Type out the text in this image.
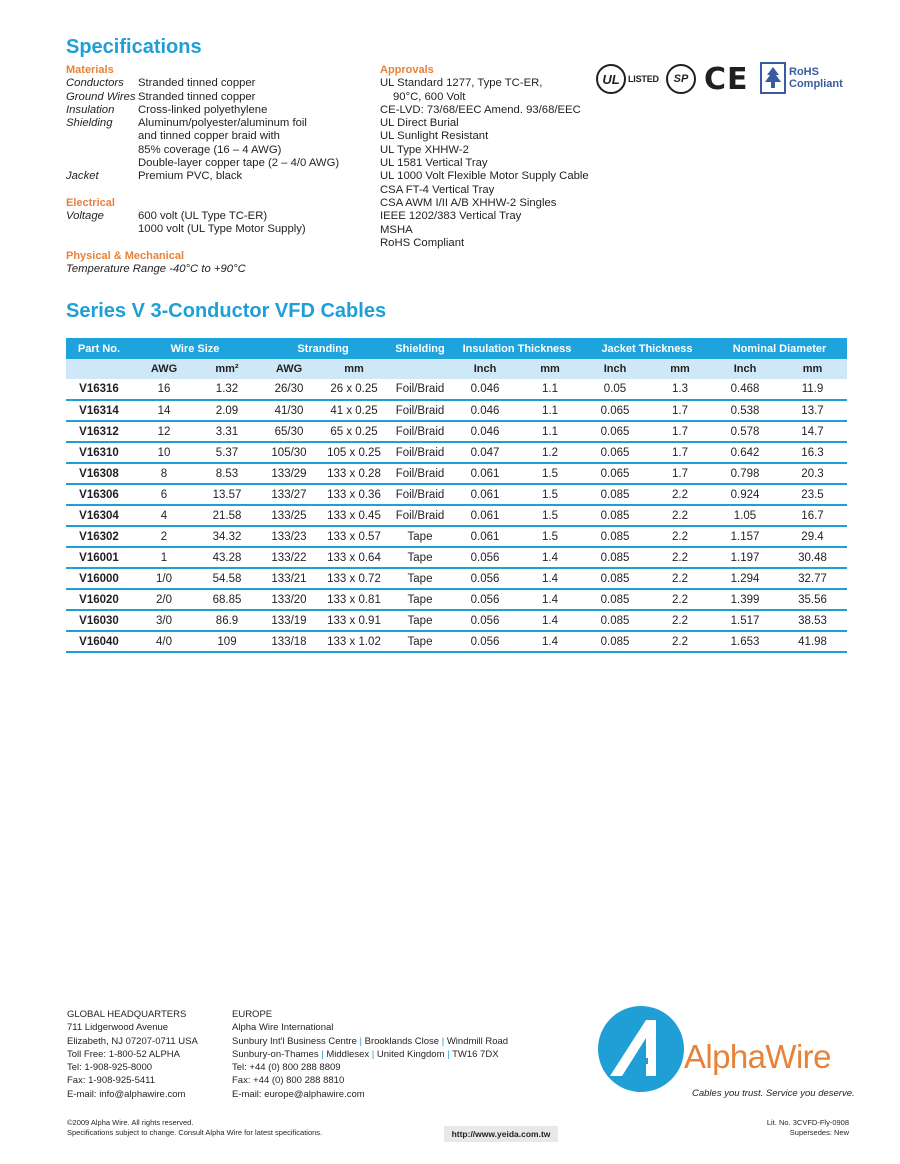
Specifications
Materials
Conductors	Stranded tinned copper
Ground Wires Stranded tinned copper
Insulation	Cross-linked polyethylene
Shielding	Aluminum/polyester/aluminum foil
and tinned copper braid with
85% coverage (16 – 4 AWG)
Double-layer copper tape (2 – 4/0 AWG)
Jacket	Premium PVC, black
Electrical
Voltage	600 volt (UL Type TC-ER)
1000 volt (UL Type Motor Supply)
Physical & Mechanical
Temperature Range -40°C to +90°C
Approvals
UL Standard 1277, Type TC-ER,
90°C, 600 Volt
CE-LVD: 73/68/EEC Amend. 93/68/EEC
UL Direct Burial
UL Sunlight Resistant
UL Type XHHW-2
UL 1581 Vertical Tray
UL 1000 Volt Flexible Motor Supply Cable
CSA FT-4 Vertical Tray
CSA AWM I/II A/B XHHW-2 Singles
IEEE 1202/383 Vertical Tray
MSHA
RoHS Compliant
UL LISTED	SP CE	RoHS
Compliant
Series V 3-Conductor VFD Cables
Part No.	Wire Size		Stranding		Shielding	Insulation Thickness		Jacket Thickness		Nominal Diameter	
	AWG	mm²	AWG	mm		Inch	mm	Inch	mm	Inch	mm
V16316	16	1.32	26/30	26 x 0.25	Foil/Braid	0.046	1.1	0.05	1.3	0.468	11.9
V16314	14	2.09	41/30	41 x 0.25	Foil/Braid	0.046	1.1	0.065	1.7	0.538	13.7
V16312	12	3.31	65/30	65 x 0.25	Foil/Braid	0.046	1.1	0.065	1.7	0.578	14.7
V16310	10	5.37	105/30	105 x 0.25	Foil/Braid	0.047	1.2	0.065	1.7	0.642	16.3
V16308	8	8.53	133/29	133 x 0.28	Foil/Braid	0.061	1.5	0.065	1.7	0.798	20.3
V16306	6	13.57	133/27	133 x 0.36	Foil/Braid	0.061	1.5	0.085	2.2	0.924	23.5
V16304	4	21.58	133/25	133 x 0.45	Foil/Braid	0.061	1.5	0.085	2.2	1.05	16.7
V16302	2	34.32	133/23	133 x 0.57	Tape	0.061	1.5	0.085	2.2	1.157	29.4
V16001	1	43.28	133/22	133 x 0.64	Tape	0.056	1.4	0.085	2.2	1.197	30.48
V16000	1/0	54.58	133/21	133 x 0.72	Tape	0.056	1.4	0.085	2.2	1.294	32.77
V16020	2/0	68.85	133/20	133 x 0.81	Tape	0.056	1.4	0.085	2.2	1.399	35.56
V16030	3/0	86.9	133/19	133 x 0.91	Tape	0.056	1.4	0.085	2.2	1.517	38.53
V16040	4/0	109	133/18	133 x 1.02	Tape	0.056	1.4	0.085	2.2	1.653	41.98
GLOBAL HEADQUARTERS
711 Lidgerwood Avenue
Elizabeth, NJ 07207-0711 USA
Toll Free: 1-800-52 ALPHA
Tel: 1-908-925-8000
Fax: 1-908-925-5411
E-mail: info@alphawire.com
EUROPE
Alpha Wire International
Sunbury Int'l Business Centre | Brooklands Close | Windmill Road
Sunbury-on-Thames | Middlesex | United Kingdom | TW16 7DX
Tel: +44 (0) 800 288 8809
Fax: +44 (0) 800 288 8810
E-mail: europe@alphawire.com
AlphaWire
Cables you trust. Service you deserve.
©2009 Alpha Wire. All rights reserved.
Specifications subject to change. Consult Alpha Wire for latest specifications.	http://www.yeida.com.tw
Lit. No. 3CVFD-Fly-0908
Supersedes: New
